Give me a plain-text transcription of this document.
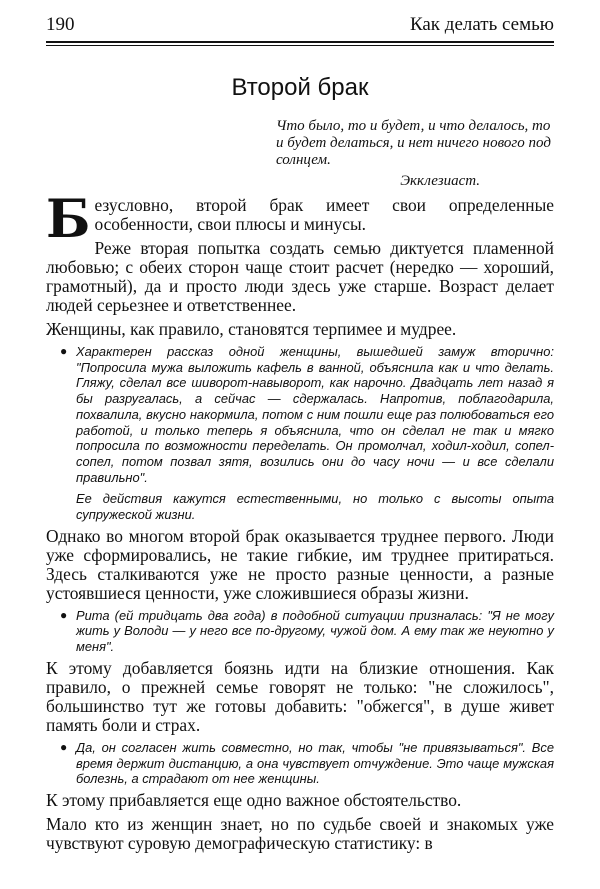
190	Как делать семью
Второй брак
Что было, то и будет, и что делалось, то и будет делаться, и нет ничего нового под солнцем.
Экклезиаст.

Безусловно, второй брак имеет свои определенные особенности, свои плюсы и минусы.

Реже вторая попытка создать семью диктуется пламенной любовью; с обеих сторон чаще стоит расчет (нередко — хороший, грамотный), да и просто люди здесь уже старше. Возраст делает людей серьезнее и ответственнее.

Женщины, как правило, становятся терпимее и мудрее.

● Характерен рассказ одной женщины, вышедшей замуж вторично: "Попросила мужа выложить кафель в ванной, объяснила как и что делать. Гляжу, сделал все шиворот-навыворот, как нарочно. Двадцать лет назад я бы разругалась, а сейчас — сдержалась. Напротив, поблагодарила, похвалила, вкусно накормила, потом с ним пошли еще раз полюбоваться его работой, и только теперь я объяснила, что он сделал не так и мягко попросила по возможности переделать. Он промолчал, ходил-ходил, сопел-сопел, потом позвал зятя, возились они до часу ночи — и все сделали правильно".

Ее действия кажутся естественными, но только с высоты опыта супружеской жизни.

Однако во многом второй брак оказывается труднее первого. Люди уже сформировались, не такие гибкие, им труднее притираться. Здесь сталкиваются уже не просто разные ценности, а разные устоявшиеся ценности, уже сложившиеся образы жизни.

● Рита (ей тридцать два года) в подобной ситуации призналась: "Я не могу жить у Володи — у него все по-другому, чужой дом. А ему так же неуютно у меня".

К этому добавляется боязнь идти на близкие отношения. Как правило, о прежней семье говорят не только: "не сложилось", большинство тут же готовы добавить: "обжегся", в душе живет память боли и страх.

● Да, он согласен жить совместно, но так, чтобы "не привязываться". Все время держит дистанцию, а она чувствует отчуждение. Это чаще мужская болезнь, а страдают от нее женщины.

К этому прибавляется еще одно важное обстоятельство.

Мало кто из женщин знает, но по судьбе своей и знакомых уже чувствуют суровую демографическую статистику: в
